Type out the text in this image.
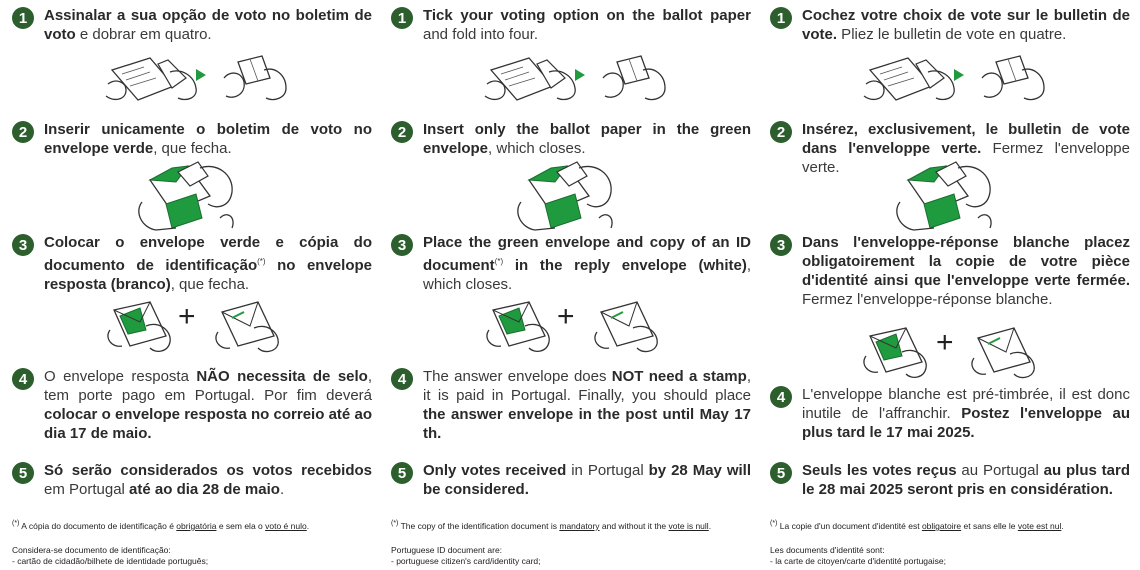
1	Assinalar a sua opção de voto no boletim de voto e dobrar em quatro.
2	Inserir unicamente o boletim de voto no envelope verde, que fecha.
3	Colocar o envelope verde e cópia do documento de identificação(*) no envelope resposta (branco), que fecha.
4	O envelope resposta NÃO necessita de selo, tem porte pago em Portugal. Por fim deverá colocar o envelope resposta no correio até ao dia 17 de maio.
5	Só serão considerados os votos recebidos em Portugal até ao dia 28 de maio.
(*) A cópia do documento de identificação é obrigatória e sem ela o voto é nulo.
Considera-se documento de identificação:
- cartão de cidadão/bilhete de identidade português;
1	Tick your voting option on the ballot paper and fold into four.
2	Insert only the ballot paper in the green envelope, which closes.
3	Place the green envelope and copy of an ID document(*) in the reply envelope (white), which closes.
4	The answer envelope does NOT need a stamp, it is paid in Portugal. Finally, you should place the answer envelope in the post until May 17 th.
5	Only votes received in Portugal by 28 May will be considered.
(*) The copy of the identification document is mandatory and without it the vote is null.
Portuguese ID document are:
- portuguese citizen's card/identity card;
1	Cochez votre choix de vote sur le bulletin de vote. Pliez le bulletin de vote en quatre.
2	Insérez, exclusivement, le bulletin de vote dans l'enveloppe verte. Fermez l'enveloppe verte.
3	Dans l'enveloppe-réponse blanche placez obligatoirement la copie de votre pièce d'identité ainsi que l'enveloppe verte fermée. Fermez l'enveloppe-réponse blanche.
4	L'enveloppe blanche est pré-timbrée, il est donc inutile de l'affranchir. Postez l'enveloppe au plus tard le 17 mai 2025.
5	Seuls les votes reçus au Portugal au plus tard le 28 mai 2025 seront pris en considération.
(*) La copie d'un document d'identité est obligatoire et sans elle le vote est nul.
Les documents d'identité sont:
- la carte de citoyen/carte d'identité portugaise;
+	+
+
